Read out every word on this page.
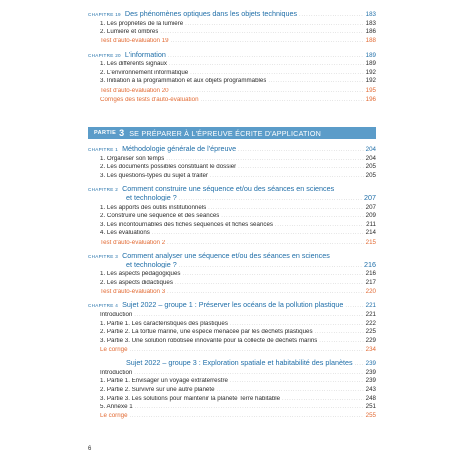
CHAPITRE 19 Des phénomènes optiques dans les objets techniques .....	183
1. Les propriétés de la lumière .....	183
2. Lumière et ombres .....	186
Test d'auto-évaluation 19 .....	188
CHAPITRE 20 L'information .....	189
1. Les différents signaux .....	189
2. L'environnement informatique .....	192
3. Initiation à la programmation et aux objets programmables .....	192
Test d'auto-évaluation 20 .....	195
Corrigés des tests d'auto-évaluation .....	196
PARTIE 3 SE PRÉPARER À L'ÉPREUVE ÉCRITE D'APPLICATION
CHAPITRE 1 Méthodologie générale de l'épreuve .....	204
1. Organiser son temps .....	204
2. Les documents possibles constituant le dossier .....	205
3. Les questions-types du sujet à traiter .....	205
CHAPITRE 2 Comment construire une séquence et/ou des séances en sciences
et technologie ? .....	207
1. Les apports des outils institutionnels .....	207
2. Construire une séquence et des séances .....	209
3. Les incontournables des fiches séquences et fiches séances .....	211
4. Les évaluations .....	214
Test d'auto-évaluation 2 .....	215
CHAPITRE 3 Comment analyser une séquence et/ou des séances en sciences
et technologie ? .....	216
1. Les aspects pédagogiques .....	216
2. Les aspects didactiques .....	217
Test d'auto-évaluation 3 .....	220
CHAPITRE 4 Sujet 2022 – groupe 1 : Préserver les océans de la pollution plastique .....	221
Introduction .....	221
1. Partie 1. Les caractéristiques des plastiques .....	222
2. Partie 2. La tortue marine, une espèce menacée par les déchets plastiques .....	225
3. Partie 3. Une solution robotisée innovante pour la collecte de déchets marins .....	229
Le corrigé .....	234
Sujet 2022 – groupe 3 : Exploration spatiale et habitabilité des planètes ..... 239
Introduction .....	239
1. Partie 1. Envisager un voyage extraterrestre .....	239
2. Partie 2. Survivre sur une autre planète .....	243
3. Partie 3. Les solutions pour maintenir la planète Terre habitable .....	248
5. Annexe 1 .....	251
Le corrigé .....	255
6
